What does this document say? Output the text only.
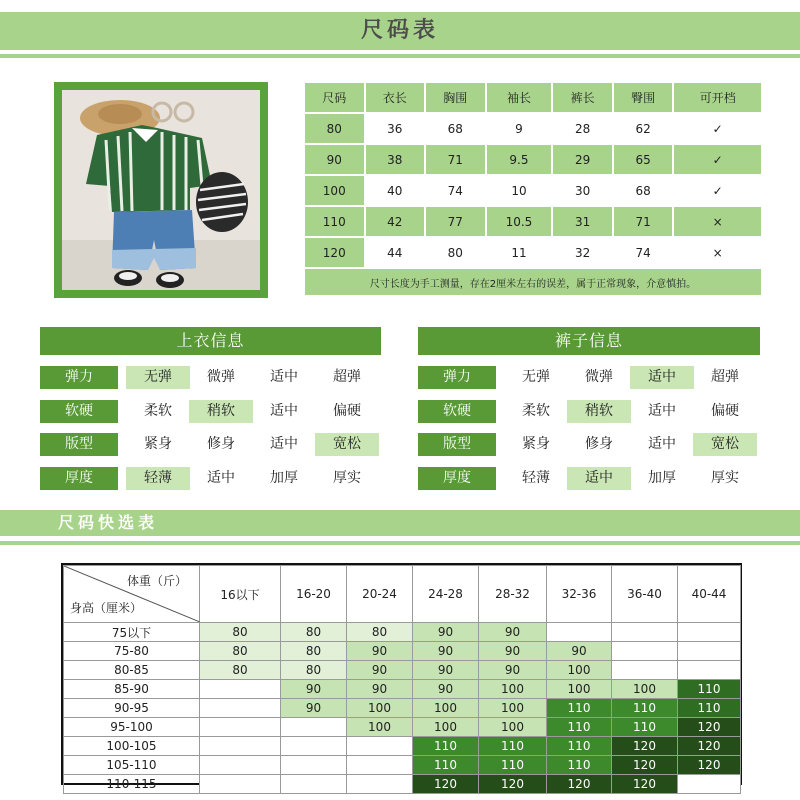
尺码表
尺码	衣长	胸围	袖长	裤长	臀围	可开档
80	36	68	9	28	62	✓
90	38	71	9.5	29	65	✓
100	40	74	10	30	68	✓
110	42	77	10.5	31	71	×
120	44	80	11	32	74	×
尺寸长度为手工测量，存在2厘米左右的误差，属于正常现象，介意慎拍。						
上衣信息
弹力	无弹	微弹	适中	超弹
软硬	柔软	稍软	适中	偏硬
版型	紧身	修身	适中	宽松
厚度	轻薄	适中	加厚	厚实
裤子信息
弹力	无弹	微弹	适中	超弹
软硬	柔软	稍软	适中	偏硬
版型	紧身	修身	适中	宽松
厚度	轻薄	适中	加厚	厚实
尺码快选表
体重（斤）
身高（厘米）	16以下	16-20	20-24	24-28	28-32	32-36	36-40	40-44
75以下	80	80	80	90	90			
75-80	80	80	90	90	90	90		
80-85	80	80	90	90	90	100		
85-90		90	90	90	100	100	100	110
90-95		90	100	100	100	110	110	110
95-100			100	100	100	110	110	120
100-105				110	110	110	120	120
105-110				110	110	110	120	120
110-115				120	120	120	120	
